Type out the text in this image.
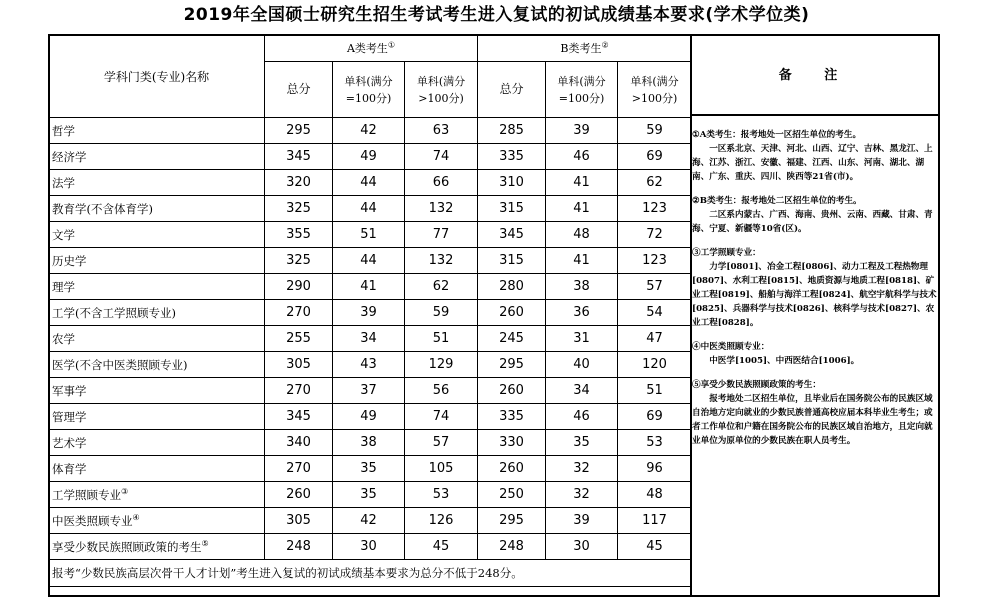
2019年全国硕士研究生招生考试考生进入复试的初试成绩基本要求(学术学位类)
学科门类(专业)名称	A类考生①			B类考生②
	总分	单科(满分=100分)	单科(满分>100分)	总分	单科(满分=100分)	单科(满分>100分)
哲学	295	42	63	285	39	59
经济学	345	49	74	335	46	69
法学	320	44	66	310	41	62
教育学(不含体育学)	325	44	132	315	41	123
文学	355	51	77	345	48	72
历史学	325	44	132	315	41	123
理学	290	41	62	280	38	57
工学(不含工学照顾专业)	270	39	59	260	36	54
农学	255	34	51	245	31	47
医学(不含中医类照顾专业)	305	43	129	295	40	120
军事学	270	37	56	260	34	51
管理学	345	49	74	335	46	69
艺术学	340	38	57	330	35	53
体育学	270	35	105	260	32	96
工学照顾专业③	260	35	53	250	32	48
中医类照顾专业④	305	42	126	295	39	117
享受少数民族照顾政策的考生⑤	248	30	45	248	30	45
报考“少数民族高层次骨干人才计划”考生进入复试的初试成绩基本要求为总分不低于248分。						
备 注

①A类考生：报考地处一区招生单位的考生。

一区系北京、天津、河北、山西、辽宁、吉林、黑龙江、上海、江苏、浙江、安徽、福建、江西、山东、河南、湖北、湖南、广东、重庆、四川、陕西等21省(市)。

②B类考生：报考地处二区招生单位的考生。

二区系内蒙古、广西、海南、贵州、云南、西藏、甘肃、青海、宁夏、新疆等10省(区)。

③工学照顾专业：

力学[0801]、冶金工程[0806]、动力工程及工程热物理[0807]、水利工程[0815]、地质资源与地质工程[0818]、矿业工程[0819]、船舶与海洋工程[0824]、航空宇航科学与技术[0825]、兵器科学与技术[0826]、核科学与技术[0827]、农业工程[0828]。

④中医类照顾专业：

中医学[1005]、中西医结合[1006]。

⑤享受少数民族照顾政策的考生：

报考地处二区招生单位，且毕业后在国务院公布的民族区域自治地方定向就业的少数民族普通高校应届本科毕业生考生；或者工作单位和户籍在国务院公布的民族区域自治地方，且定向就业单位为原单位的少数民族在职人员考生。
